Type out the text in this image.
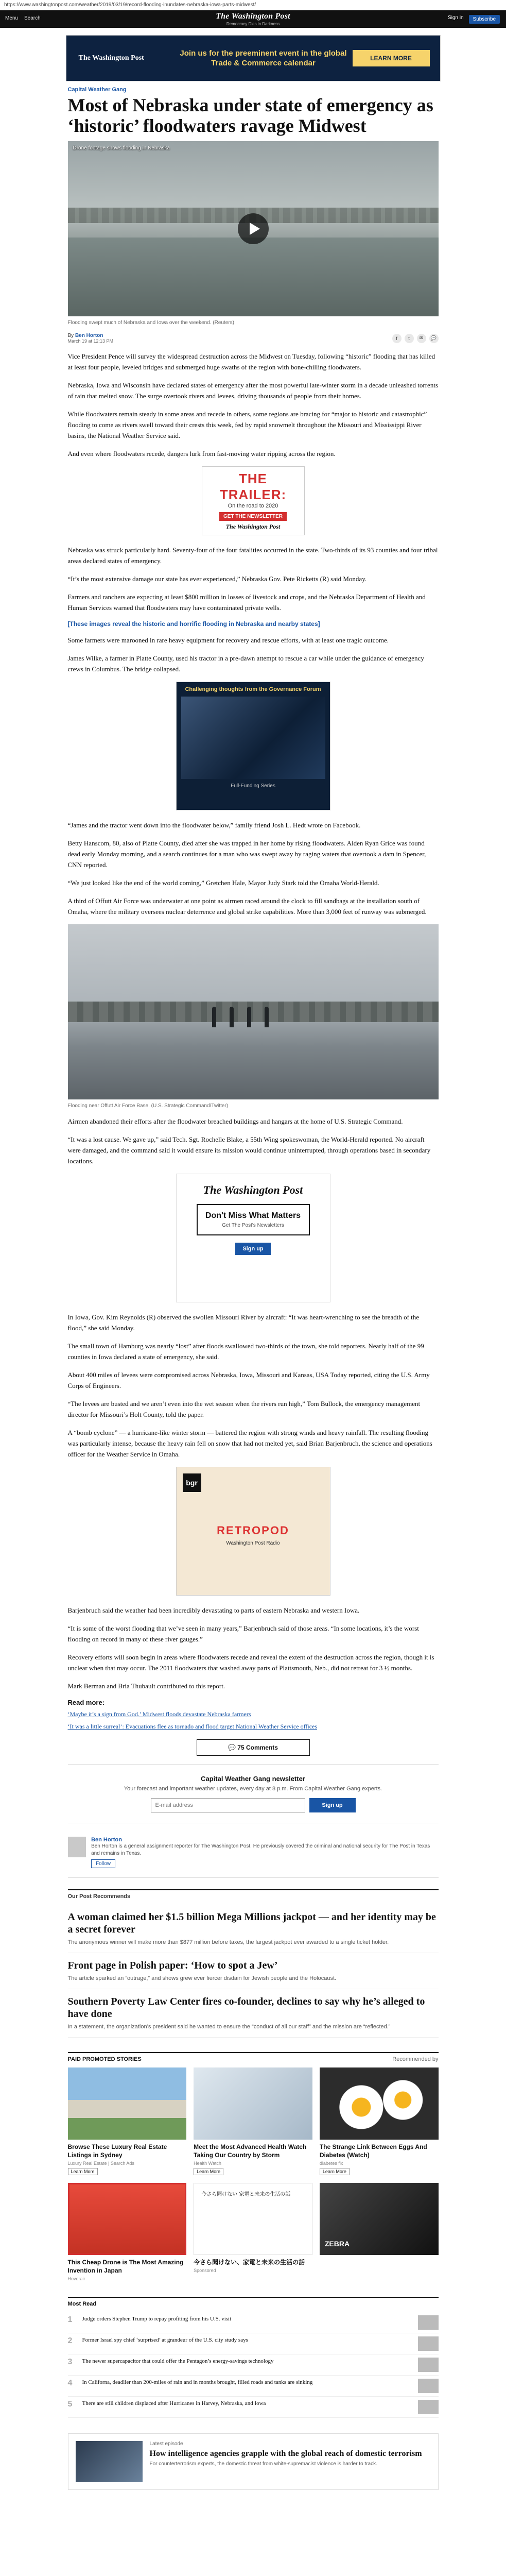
https://www.washingtonpost.com/weather/2019/03/19/record-flooding-inundates-nebraska-iowa-parts-midwest/
Menu Search	The Washington Post
Democracy Dies in Darkness
Sign in	Subscribe
The Washington Post
Join us for the preeminent event in the global Trade & Commerce calendar
LEARN MORE
Capital Weather Gang
Most of Nebraska under state of emergency as ‘historic’ floodwaters ravage Midwest
Drone footage shows flooding in Nebraska
Flooding swept much of Nebraska and Iowa over the weekend. (Reuters)
By Ben Horton
March 19 at 12:13 PM
f	t	✉	💬

Vice President Pence will survey the widespread destruction across the Midwest on Tuesday, following “historic” flooding that has killed at least four people, leveled bridges and submerged huge swaths of the region with bone-chilling floodwaters.

Nebraska, Iowa and Wisconsin have declared states of emergency after the most powerful late-winter storm in a decade unleashed torrents of rain that melted snow. The surge overtook rivers and levees, driving thousands of people from their homes.

While floodwaters remain steady in some areas and recede in others, some regions are bracing for “major to historic and catastrophic” flooding to come as rivers swell toward their crests this week, fed by rapid snowmelt throughout the Missouri and Mississippi River basins, the National Weather Service said.

And even where floodwaters recede, dangers lurk from fast-moving water ripping across the region.

THE TRAILER:
On the road to 2020
GET THE NEWSLETTER
The Washington Post

Nebraska was struck particularly hard. Seventy-four of the four fatalities occurred in the state. Two-thirds of its 93 counties and four tribal areas declared states of emergency.

“It’s the most extensive damage our state has ever experienced,” Nebraska Gov. Pete Ricketts (R) said Monday.

Farmers and ranchers are expecting at least $800 million in losses of livestock and crops, and the Nebraska Department of Health and Human Services warned that floodwaters may have contaminated private wells.

[These images reveal the historic and horrific flooding in Nebraska and nearby states]

Some farmers were marooned in rare heavy equipment for recovery and rescue efforts, with at least one tragic outcome.

James Wilke, a farmer in Platte County, used his tractor in a pre-dawn attempt to rescue a car while under the guidance of emergency crews in Columbus. The bridge collapsed.

Challenging thoughts from the Governance Forum
Full-Funding Series

“James and the tractor went down into the floodwater below,” family friend Josh L. Hedt wrote on Facebook.

Betty Hanscom, 80, also of Platte County, died after she was trapped in her home by rising floodwaters. Aiden Ryan Grice was found dead early Monday morning, and a search continues for a man who was swept away by raging waters that overtook a dam in Spencer, CNN reported.

“We just looked like the end of the world coming,” Gretchen Hale, Mayor Judy Stark told the Omaha World-Herald.

A third of Offutt Air Force was underwater at one point as airmen raced around the clock to fill sandbags at the installation south of Omaha, where the military oversees nuclear deterrence and global strike capabilities. More than 3,000 feet of runway was submerged.

Flooding near Offutt Air Force Base. (U.S. Strategic Command/Twitter)

Airmen abandoned their efforts after the floodwater breached buildings and hangars at the home of U.S. Strategic Command.

“It was a lost cause. We gave up,” said Tech. Sgt. Rochelle Blake, a 55th Wing spokeswoman, the World-Herald reported. No aircraft were damaged, and the command said it would ensure its mission would continue uninterrupted, through operations based in secondary locations.

The Washington Post
Don't Miss What Matters
Get The Post's Newsletters
Sign up

In Iowa, Gov. Kim Reynolds (R) observed the swollen Missouri River by aircraft: “It was heart-wrenching to see the breadth of the flood,” she said Monday.

The small town of Hamburg was nearly “lost” after floods swallowed two-thirds of the town, she told reporters. Nearly half of the 99 counties in Iowa declared a state of emergency, she said.

About 400 miles of levees were compromised across Nebraska, Iowa, Missouri and Kansas, USA Today reported, citing the U.S. Army Corps of Engineers.

“The levees are busted and we aren’t even into the wet season when the rivers run high,” Tom Bullock, the emergency management director for Missouri’s Holt County, told the paper.

A “bomb cyclone” — a hurricane-like winter storm — battered the region with strong winds and heavy rainfall. The resulting flooding was particularly intense, because the heavy rain fell on snow that had not melted yet, said Brian Barjenbruch, the science and operations officer for the Weather Service in Omaha.

bgr
RETROPOD
Washington Post Radio

Barjenbruch said the weather had been incredibly devastating to parts of eastern Nebraska and western Iowa.

“It is some of the worst flooding that we’ve seen in many years,” Barjenbruch said of those areas. “In some locations, it’s the worst flooding on record in many of these river gauges.”

Recovery efforts will soon begin in areas where floodwaters recede and reveal the extent of the destruction across the region, though it is unclear when that may occur. The 2011 floodwaters that washed away parts of Plattsmouth, Neb., did not retreat for 3 ½ months.

Mark Berman and Bria Thubault contributed to this report.

Read more:
‘Maybe it’s a sign from God.’ Midwest floods devastate Nebraska farmers
‘It was a little surreal’: Evacuations flee as tornado and flood target National Weather Service offices
💬 75 Comments
Capital Weather Gang newsletter
Your forecast and important weather updates, every day at 8 p.m. From Capital Weather Gang experts.
E-mail address
Sign up
Ben Horton
Ben Horton is a general assignment reporter for The Washington Post. He previously covered the criminal and national security for The Post in Texas and remains in Texas.
Follow
Our Post Recommends
A woman claimed her $1.5 billion Mega Millions jackpot — and her identity may be a secret forever
The anonymous winner will make more than $877 million before taxes, the largest jackpot ever awarded to a single ticket holder.
Front page in Polish paper: ‘How to spot a Jew’
The article sparked an “outrage,” and shows grew ever fiercer disdain for Jewish people and the Holocaust.
Southern Poverty Law Center fires co-founder, declines to say why he’s alleged to have done
In a statement, the organization’s president said he wanted to ensure the “conduct of all our staff” and the mission are “reflected.”
PAID PROMOTED STORIES	Recommended by
Browse These Luxury Real Estate Listings in Sydney
Luxury Real Estate | Search Ads
Learn More
Meet the Most Advanced Health Watch Taking Our Country by Storm
Health Watch
Learn More
The Strange Link Between Eggs And Diabetes (Watch)
diabetes fix
Learn More
This Cheap Drone is The Most Amazing Invention in Japan
Hoverair
今さら聞けない 家電と未来の生活の話
今さら聞けない、家電と未来の生活の話
Sponsored
ZEBRA
Most Read
1	Judge orders Stephen Trump to repay profiting from his U.S. visit
2	Former Israel spy chief ‘surprised’ at grandeur of the U.S. city study says
3	The newer supercapacitor that could offer the Pentagon’s energy-savings technology
4	In Californa, deadlier than 200-miles of rain and in months brought, filled roads and tanks are sinking
5	There are still children displaced after Hurricanes in Harvey, Nebraska, and Iowa
Latest episode
How intelligence agencies grapple with the global reach of domestic terrorism
For counterterrorism experts, the domestic threat from white-supremacist violence is harder to track.
